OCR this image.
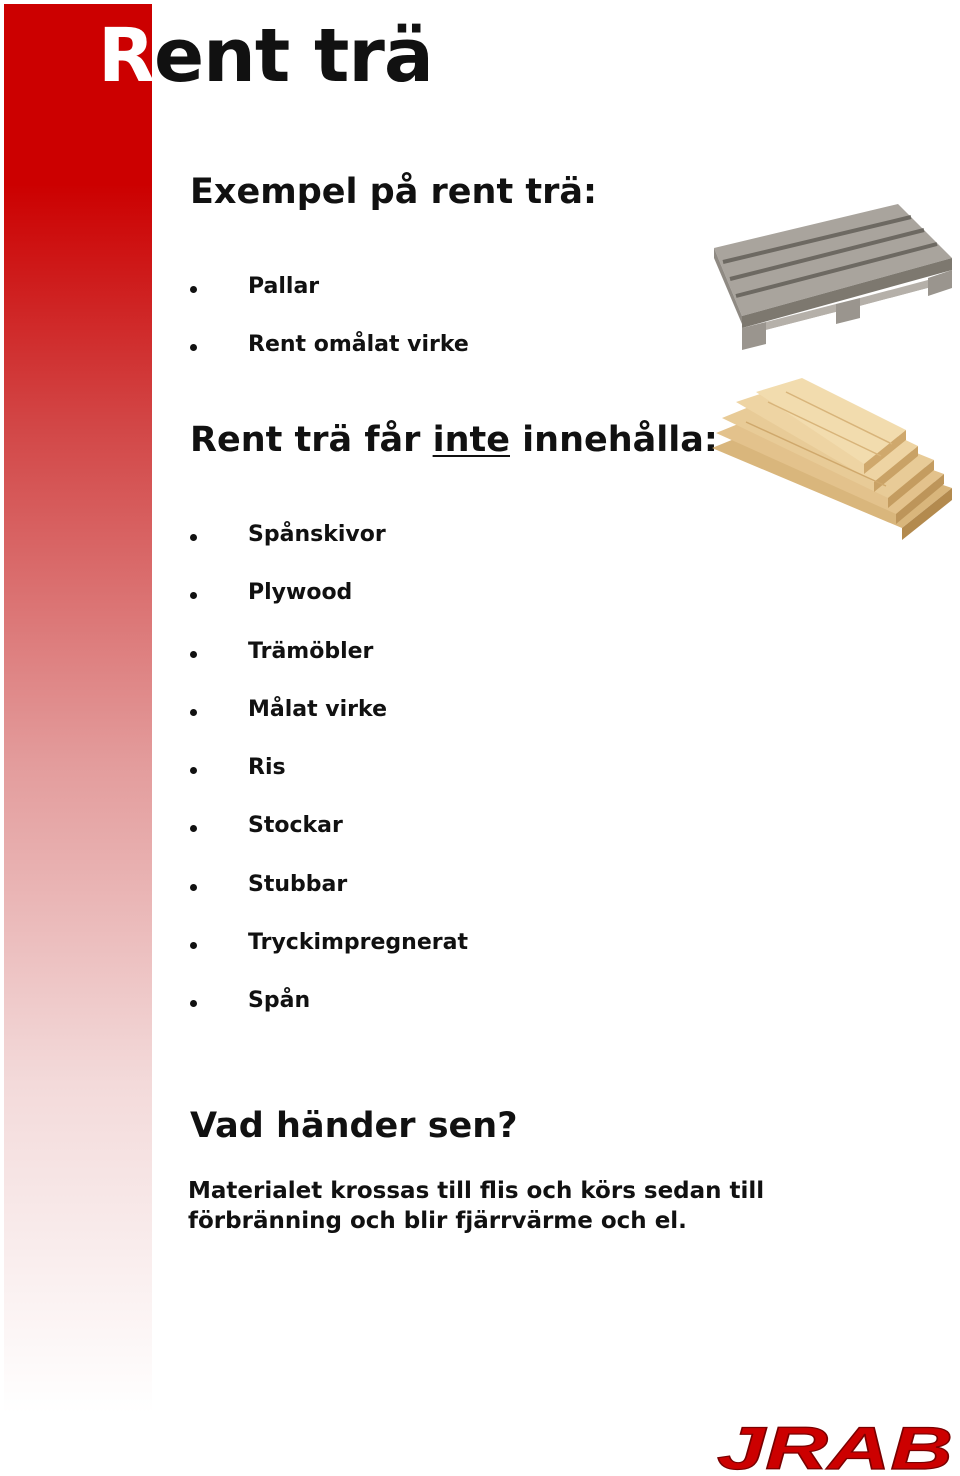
Rent trä
Exempel på rent trä:
Pallar
Rent omålat virke
Rent trä får inte innehålla:
Spånskivor
Plywood
Trämöbler
Målat virke
Ris
Stockar
Stubbar
Tryckimpregnerat
Spån
Vad händer sen?

Materialet krossas till flis och körs sedan till förbränning och blir fjärrvärme och el.

JRAB
